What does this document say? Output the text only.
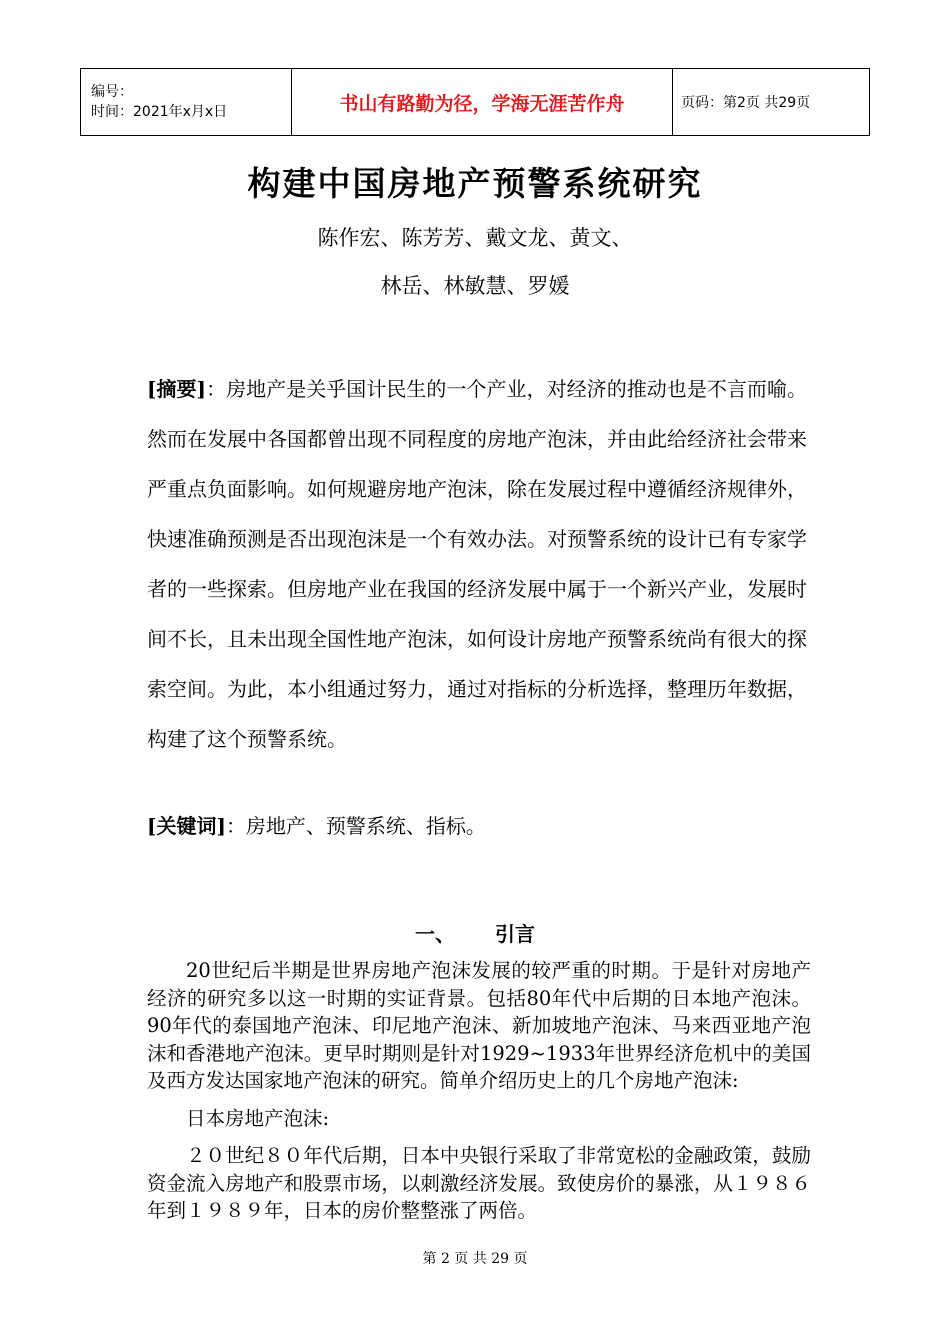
编号：
时间：2021年x月x日	书山有路勤为径，学海无涯苦作舟	页码：第2页 共29页
构建中国房地产预警系统研究
陈作宏、陈芳芳、戴文龙、黄文、
林岳、林敏慧、罗媛
[摘要]：房地产是关乎国计民生的一个产业，对经济的推动也是不言而喻。然而在发展中各国都曾出现不同程度的房地产泡沫，并由此给经济社会带来严重点负面影响。如何规避房地产泡沫，除在发展过程中遵循经济规律外，快速准确预测是否出现泡沫是一个有效办法。对预警系统的设计已有专家学者的一些探索。但房地产业在我国的经济发展中属于一个新兴产业，发展时间不长，且未出现全国性地产泡沫，如何设计房地产预警系统尚有很大的探索空间。为此，本小组通过努力，通过对指标的分析选择，整理历年数据，构建了这个预警系统。
[关键词]：房地产、预警系统、指标。
一、 引言

20世纪后半期是世界房地产泡沫发展的较严重的时期。于是针对房地产经济的研究多以这一时期的实证背景。包括80年代中后期的日本地产泡沫。90年代的泰国地产泡沫、印尼地产泡沫、新加坡地产泡沫、马来西亚地产泡沫和香港地产泡沫。更早时期则是针对1929~1933年世界经济危机中的美国及西方发达国家地产泡沫的研究。简单介绍历史上的几个房地产泡沫:

日本房地产泡沫:

２０世纪８０年代后期，日本中央银行采取了非常宽松的金融政策，鼓励资金流入房地产和股票市场，以刺激经济发展。致使房价的暴涨，从１９８６年到１９８９年，日本的房价整整涨了两倍。

第 2 页 共 29 页
